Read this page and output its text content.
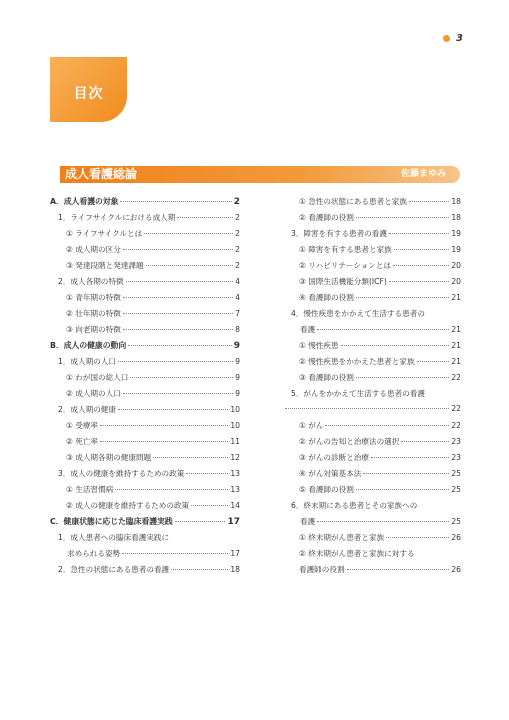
3
目次
成人看護総論	佐藤まゆみ
A．成人看護の対象	2
1．ライフサイクルにおける成人期	2
① ライフサイクルとは	2
② 成人期の区分	2
③ 発達段階と発達課題	2
2．成人各期の特徴	4
① 青年期の特徴	4
② 壮年期の特徴	7
③ 向老期の特徴	8
B．成人の健康の動向	9
1．成人期の人口	9
① わが国の総人口	9
② 成人期の人口	9
2．成人期の健康	10
① 受療率	10
② 死亡率	11
③ 成人期各期の健康問題	12
3．成人の健康を維持するための政策	13
① 生活習慣病	13
② 成人の健康を維持するための政策	14
C．健康状態に応じた臨床看護実践	17
1．成人患者への臨床看護実践に
求められる姿勢	17
2．急性の状態にある患者の看護	18
① 急性の状態にある患者と家族	18
② 看護師の役割	18
3．障害を有する患者の看護	19
① 障害を有する患者と家族	19
② リハビリテーションとは	20
③ 国際生活機能分類(ICF)	20
④ 看護師の役割	21
4．慢性疾患をかかえて生活する患者の
看護	21
① 慢性疾患	21
② 慢性疾患をかかえた患者と家族	21
③ 看護師の役割	22
5．がんをかかえて生活する患者の看護
22
① がん	22
② がんの告知と治療法の選択	23
③ がんの診断と治療	23
④ がん対策基本法	25
⑤ 看護師の役割	25
6．終末期にある患者とその家族への
看護	25
① 終末期がん患者と家族	26
② 終末期がん患者と家族に対する
看護師の役割	26
